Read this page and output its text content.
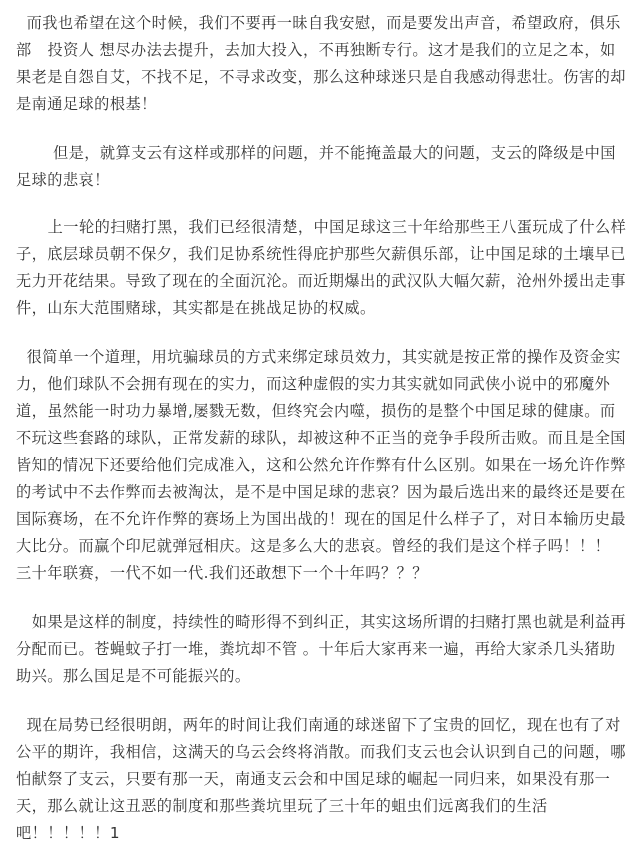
而我也希望在这个时候，我们不要再一昧自我安慰，而是要发出声音，希望政府，俱乐部   投资人 想尽办法去提升，去加大投入，不再独断专行。这才是我们的立足之本，如果老是自怨自艾，不找不足，不寻求改变，那么这种球迷只是自我感动得悲壮。伤害的却是南通足球的根基！

但是，就算支云有这样或那样的问题，并不能掩盖最大的问题，支云的降级是中国足球的悲哀！

上一轮的扫赌打黑，我们已经很清楚，中国足球这三十年给那些王八蛋玩成了什么样子，底层球员朝不保夕，我们足协系统性得庇护那些欠薪俱乐部，让中国足球的土壤早已无力开花结果。导致了现在的全面沉沦。而近期爆出的武汉队大幅欠薪，沧州外援出走事件，山东大范围赌球，其实都是在挑战足协的权威。

很简单一个道理，用坑骗球员的方式来绑定球员效力，其实就是按正常的操作及资金实力，他们球队不会拥有现在的实力，而这种虚假的实力其实就如同武侠小说中的邪魔外道，虽然能一时功力暴增,屡戮无数，但终究会内噬，损伤的是整个中国足球的健康。而不玩这些套路的球队，正常发薪的球队，却被这种不正当的竞争手段所击败。而且是全国皆知的情况下还要给他们完成准入，这和公然允许作弊有什么区别。如果在一场允许作弊的考试中不去作弊而去被淘汰，是不是中国足球的悲哀？因为最后选出来的最终还是要在国际赛场，在不允许作弊的赛场上为国出战的！现在的国足什么样子了，对日本输历史最大比分。而赢个印尼就弹冠相庆。这是多么大的悲哀。曾经的我们是这个样子吗！！！ 三十年联赛，一代不如一代.我们还敢想下一个十年吗？？？

如果是这样的制度，持续性的畸形得不到纠正，其实这场所谓的扫赌打黑也就是利益再分配而已。苍蝇蚊子打一堆，粪坑却不管 。十年后大家再来一遍，再给大家杀几头猪助助兴。那么国足是不可能振兴的。

现在局势已经很明朗，两年的时间让我们南通的球迷留下了宝贵的回忆，现在也有了对公平的期许，我相信，这满天的乌云会终将消散。而我们支云也会认识到自己的问题，哪怕献祭了支云，只要有那一天，南通支云会和中国足球的崛起一同归来，如果没有那一天，那么就让这丑恶的制度和那些粪坑里玩了三十年的蛆虫们远离我们的生活吧！！！！！1
